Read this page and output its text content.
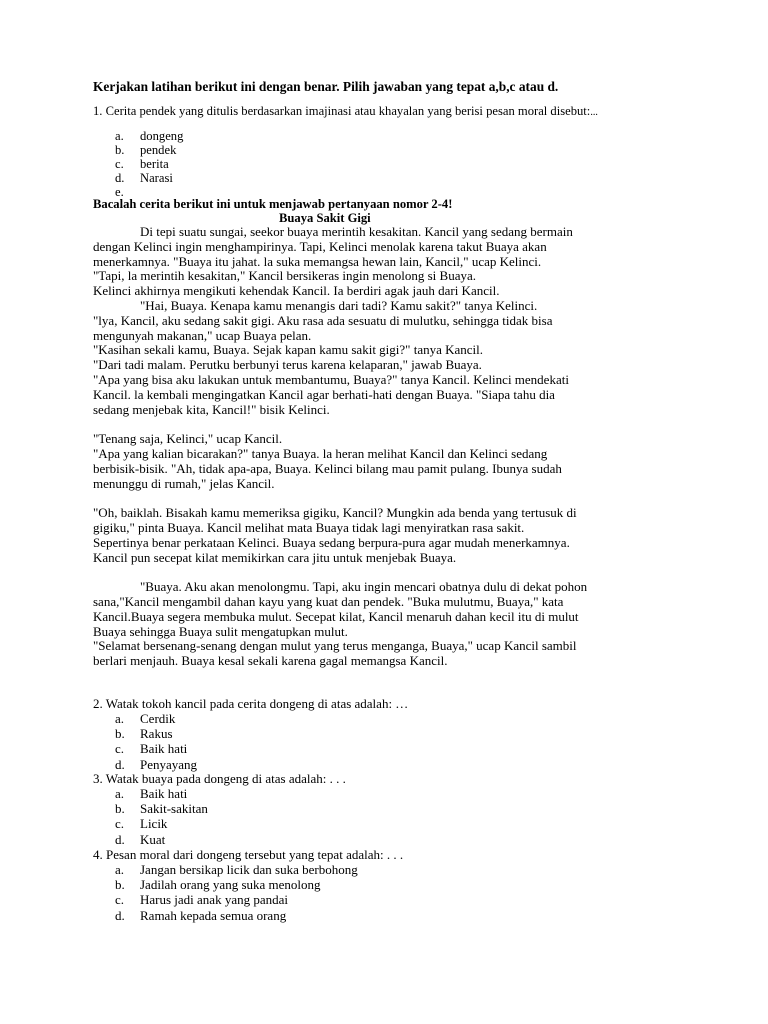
Kerjakan latihan berikut ini dengan benar. Pilih jawaban yang tepat a,b,c atau d.
1. Cerita pendek yang ditulis berdasarkan imajinasi atau khayalan yang berisi pesan moral disebut:...
a. dongeng
b. pendek
c. berita
d. Narasi
e.
Bacalah cerita berikut ini untuk menjawab pertanyaan nomor 2-4!
Buaya Sakit Gigi
Di tepi suatu sungai, seekor buaya merintih kesakitan. Kancil yang sedang bermain
dengan Kelinci ingin menghampirinya. Tapi, Kelinci menolak karena takut Buaya akan
menerkamnya. "Buaya itu jahat. la suka memangsa hewan lain, Kancil," ucap Kelinci.
"Tapi, la merintih kesakitan," Kancil bersikeras ingin menolong si Buaya.
Kelinci akhirnya mengikuti kehendak Kancil. Ia berdiri agak jauh dari Kancil.
"Hai, Buaya. Kenapa kamu menangis dari tadi? Kamu sakit?" tanya Kelinci.
"lya, Kancil, aku sedang sakit gigi. Aku rasa ada sesuatu di mulutku, sehingga tidak bisa
mengunyah makanan," ucap Buaya pelan.
"Kasihan sekali kamu, Buaya. Sejak kapan kamu sakit gigi?" tanya Kancil.
"Dari tadi malam. Perutku berbunyi terus karena kelaparan," jawab Buaya.
"Apa yang bisa aku lakukan untuk membantumu, Buaya?" tanya Kancil. Kelinci mendekati
Kancil. la kembali mengingatkan Kancil agar berhati-hati dengan Buaya. "Siapa tahu dia
sedang menjebak kita, Kancil!" bisik Kelinci.
"Tenang saja, Kelinci," ucap Kancil.
"Apa yang kalian bicarakan?" tanya Buaya. la heran melihat Kancil dan Kelinci sedang
berbisik-bisik. "Ah, tidak apa-apa, Buaya. Kelinci bilang mau pamit pulang. Ibunya sudah
menunggu di rumah," jelas Kancil.
"Oh, baiklah. Bisakah kamu memeriksa gigiku, Kancil? Mungkin ada benda yang tertusuk di
gigiku," pinta Buaya. Kancil melihat mata Buaya tidak lagi menyiratkan rasa sakit.
Sepertinya benar perkataan Kelinci. Buaya sedang berpura-pura agar mudah menerkamnya.
Kancil pun secepat kilat memikirkan cara jitu untuk menjebak Buaya.
"Buaya. Aku akan menolongmu. Tapi, aku ingin mencari obatnya dulu di dekat pohon
sana,"Kancil mengambil dahan kayu yang kuat dan pendek. "Buka mulutmu, Buaya," kata
Kancil.Buaya segera membuka mulut. Secepat kilat, Kancil menaruh dahan kecil itu di mulut
Buaya sehingga Buaya sulit mengatupkan mulut.
"Selamat bersenang-senang dengan mulut yang terus menganga, Buaya," ucap Kancil sambil
berlari menjauh. Buaya kesal sekali karena gagal memangsa Kancil.
2. Watak tokoh kancil pada cerita dongeng di atas adalah: …
a. Cerdik
b. Rakus
c. Baik hati
d. Penyayang
3. Watak buaya pada dongeng di atas adalah: . . .
a. Baik hati
b. Sakit-sakitan
c. Licik
d. Kuat
4. Pesan moral dari dongeng tersebut yang tepat adalah: . . .
a. Jangan bersikap licik dan suka berbohong
b. Jadilah orang yang suka menolong
c. Harus jadi anak yang pandai
d. Ramah kepada semua orang
